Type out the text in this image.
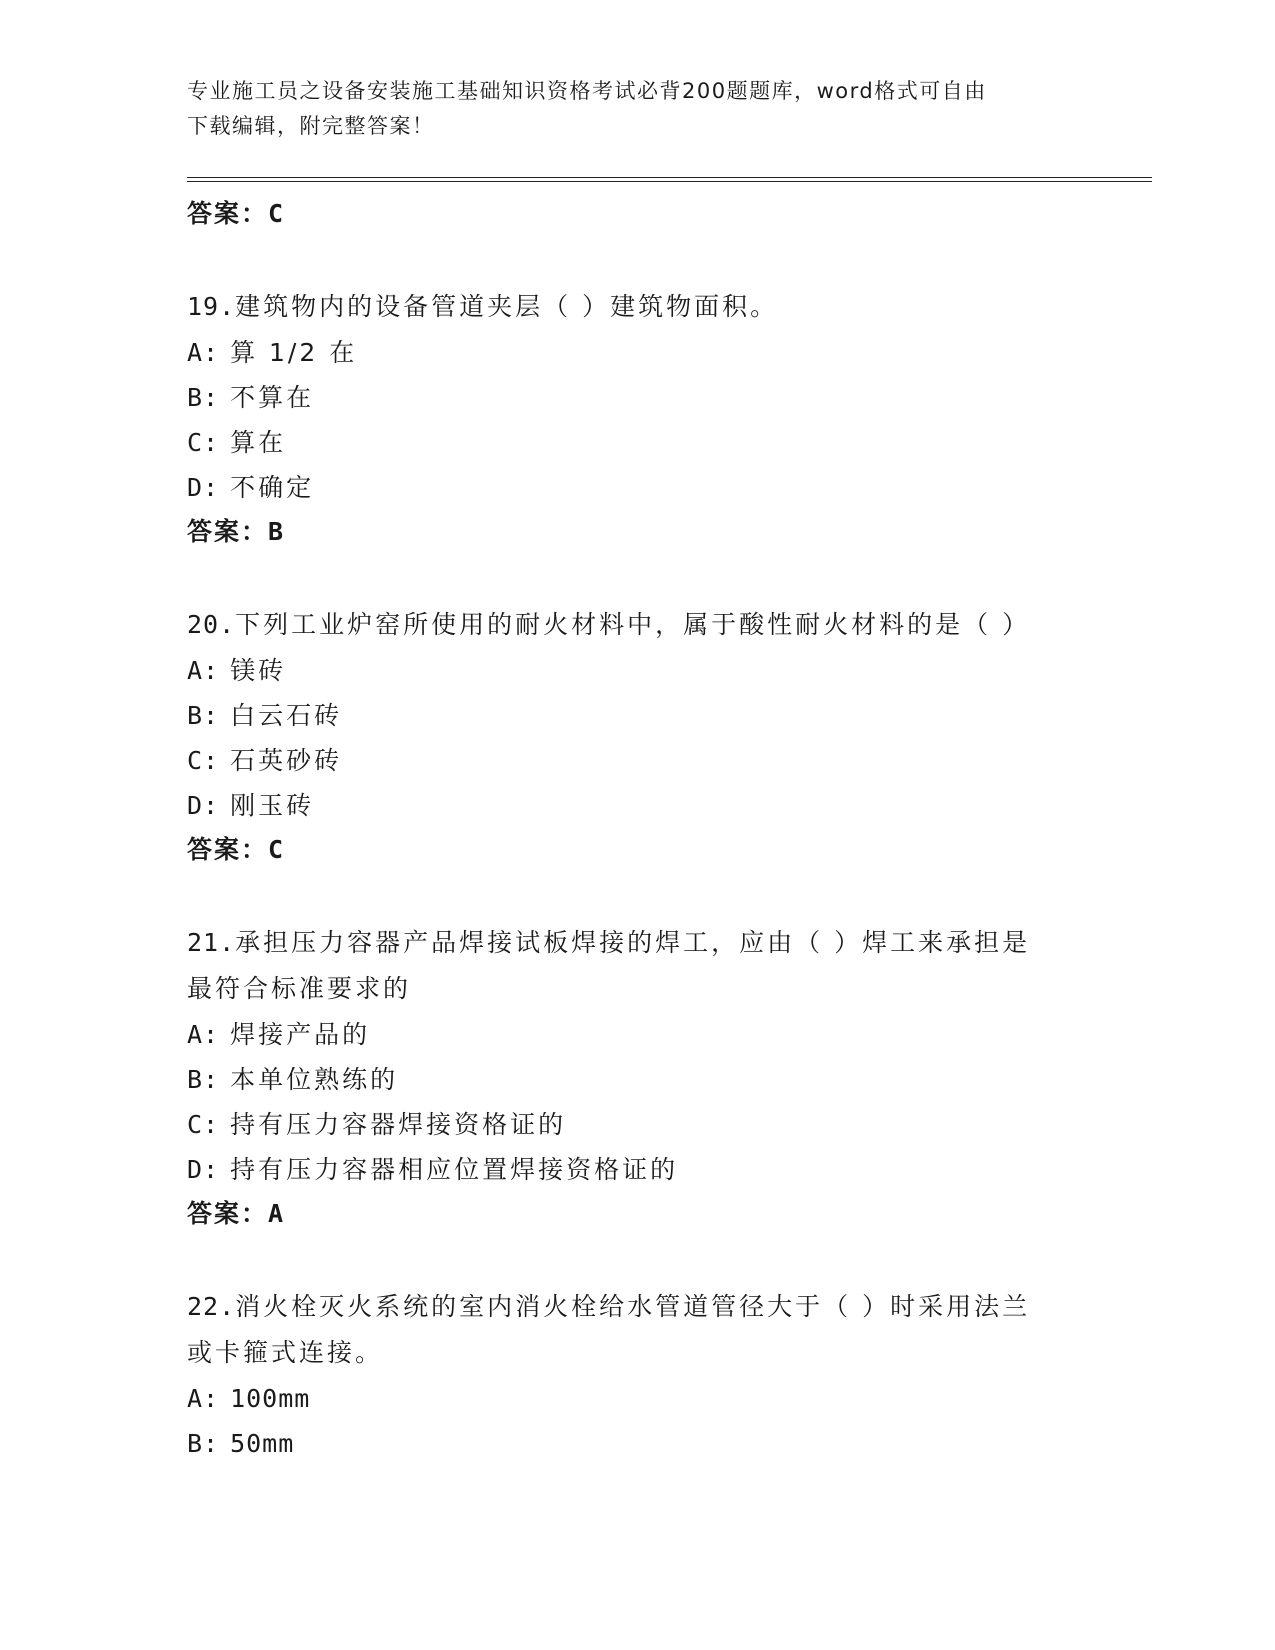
专业施工员之设备安装施工基础知识资格考试必背200题题库，word格式可自由
下载编辑，附完整答案！
答案：C
19.建筑物内的设备管道夹层（ ）建筑物面积。
A: 算 1/2 在
B: 不算在
C: 算在
D: 不确定
答案：B
20.下列工业炉窑所使用的耐火材料中，属于酸性耐火材料的是（ ）
A: 镁砖
B: 白云石砖
C: 石英砂砖
D: 刚玉砖
答案：C
21.承担压力容器产品焊接试板焊接的焊工，应由（ ）焊工来承担是
最符合标准要求的
A: 焊接产品的
B: 本单位熟练的
C: 持有压力容器焊接资格证的
D: 持有压力容器相应位置焊接资格证的
答案：A
22.消火栓灭火系统的室内消火栓给水管道管径大于（ ）时采用法兰
或卡箍式连接。
A: 100mm
B: 50mm
